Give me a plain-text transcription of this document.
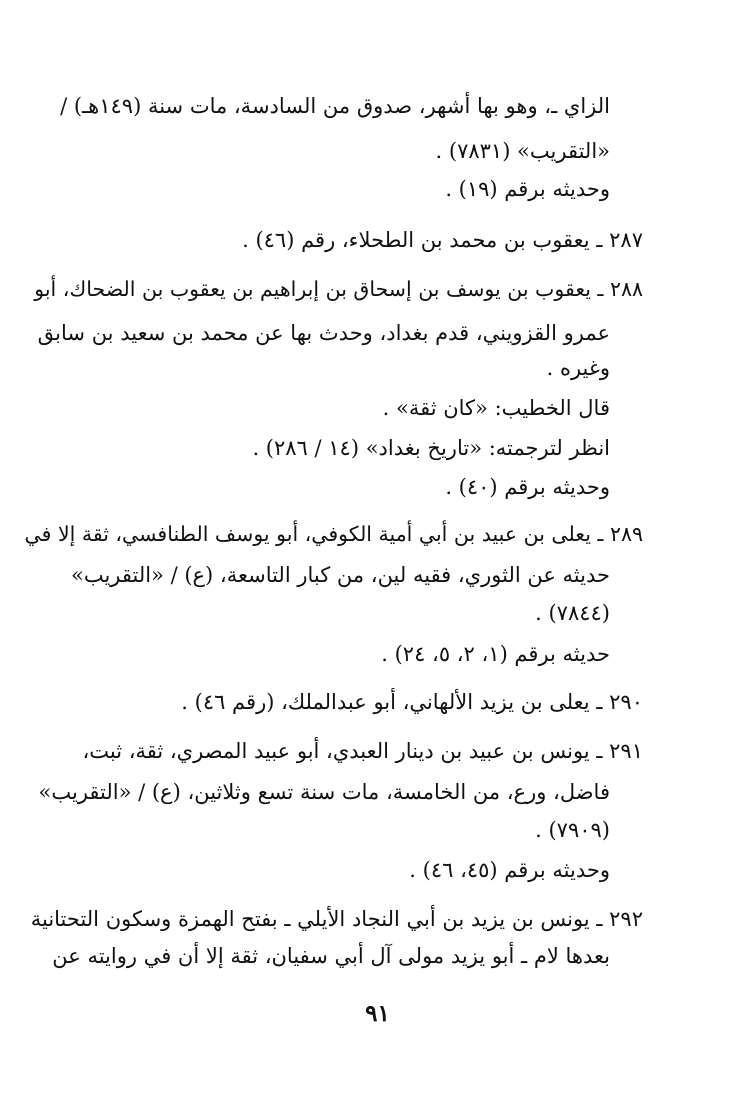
الزاي ـ، وهو بها أشهر، صدوق من السادسة، مات سنة (١٤٩هـ) /
«التقريب» (٧٨٣١) .
وحديثه برقم (١٩) .
٢٨٧ ـ يعقوب بن محمد بن الطحلاء، رقم (٤٦) .
٢٨٨ ـ يعقوب بن يوسف بن إسحاق بن إبراهيم بن يعقوب بن الضحاك، أبو
عمرو القزويني، قدم بغداد، وحدث بها عن محمد بن سعيد بن سابق
وغيره .
قال الخطيب: «كان ثقة» .
انظر لترجمته: «تاريخ بغداد» (١٤ / ٢٨٦) .
وحديثه برقم (٤٠) .
٢٨٩ ـ يعلى بن عبيد بن أبي أمية الكوفي، أبو يوسف الطنافسي، ثقة إلا في
حديثه عن الثوري، فقيه لين، من كبار التاسعة، (ع) / «التقريب»
(٧٨٤٤) .
حديثه برقم (١، ٢، ٥، ٢٤) .
٢٩٠ ـ يعلى بن يزيد الألهاني، أبو عبدالملك، (رقم ٤٦) .
٢٩١ ـ يونس بن عبيد بن دينار العبدي، أبو عبيد المصري، ثقة، ثبت،
فاضل، ورع، من الخامسة، مات سنة تسع وثلاثين، (ع) / «التقريب»
(٧٩٠٩) .
وحديثه برقم (٤٥، ٤٦) .
٢٩٢ ـ يونس بن يزيد بن أبي النجاد الأيلي ـ بفتح الهمزة وسكون التحتانية
بعدها لام ـ أبو يزيد مولى آل أبي سفيان، ثقة إلا أن في روايته عن
٩١
